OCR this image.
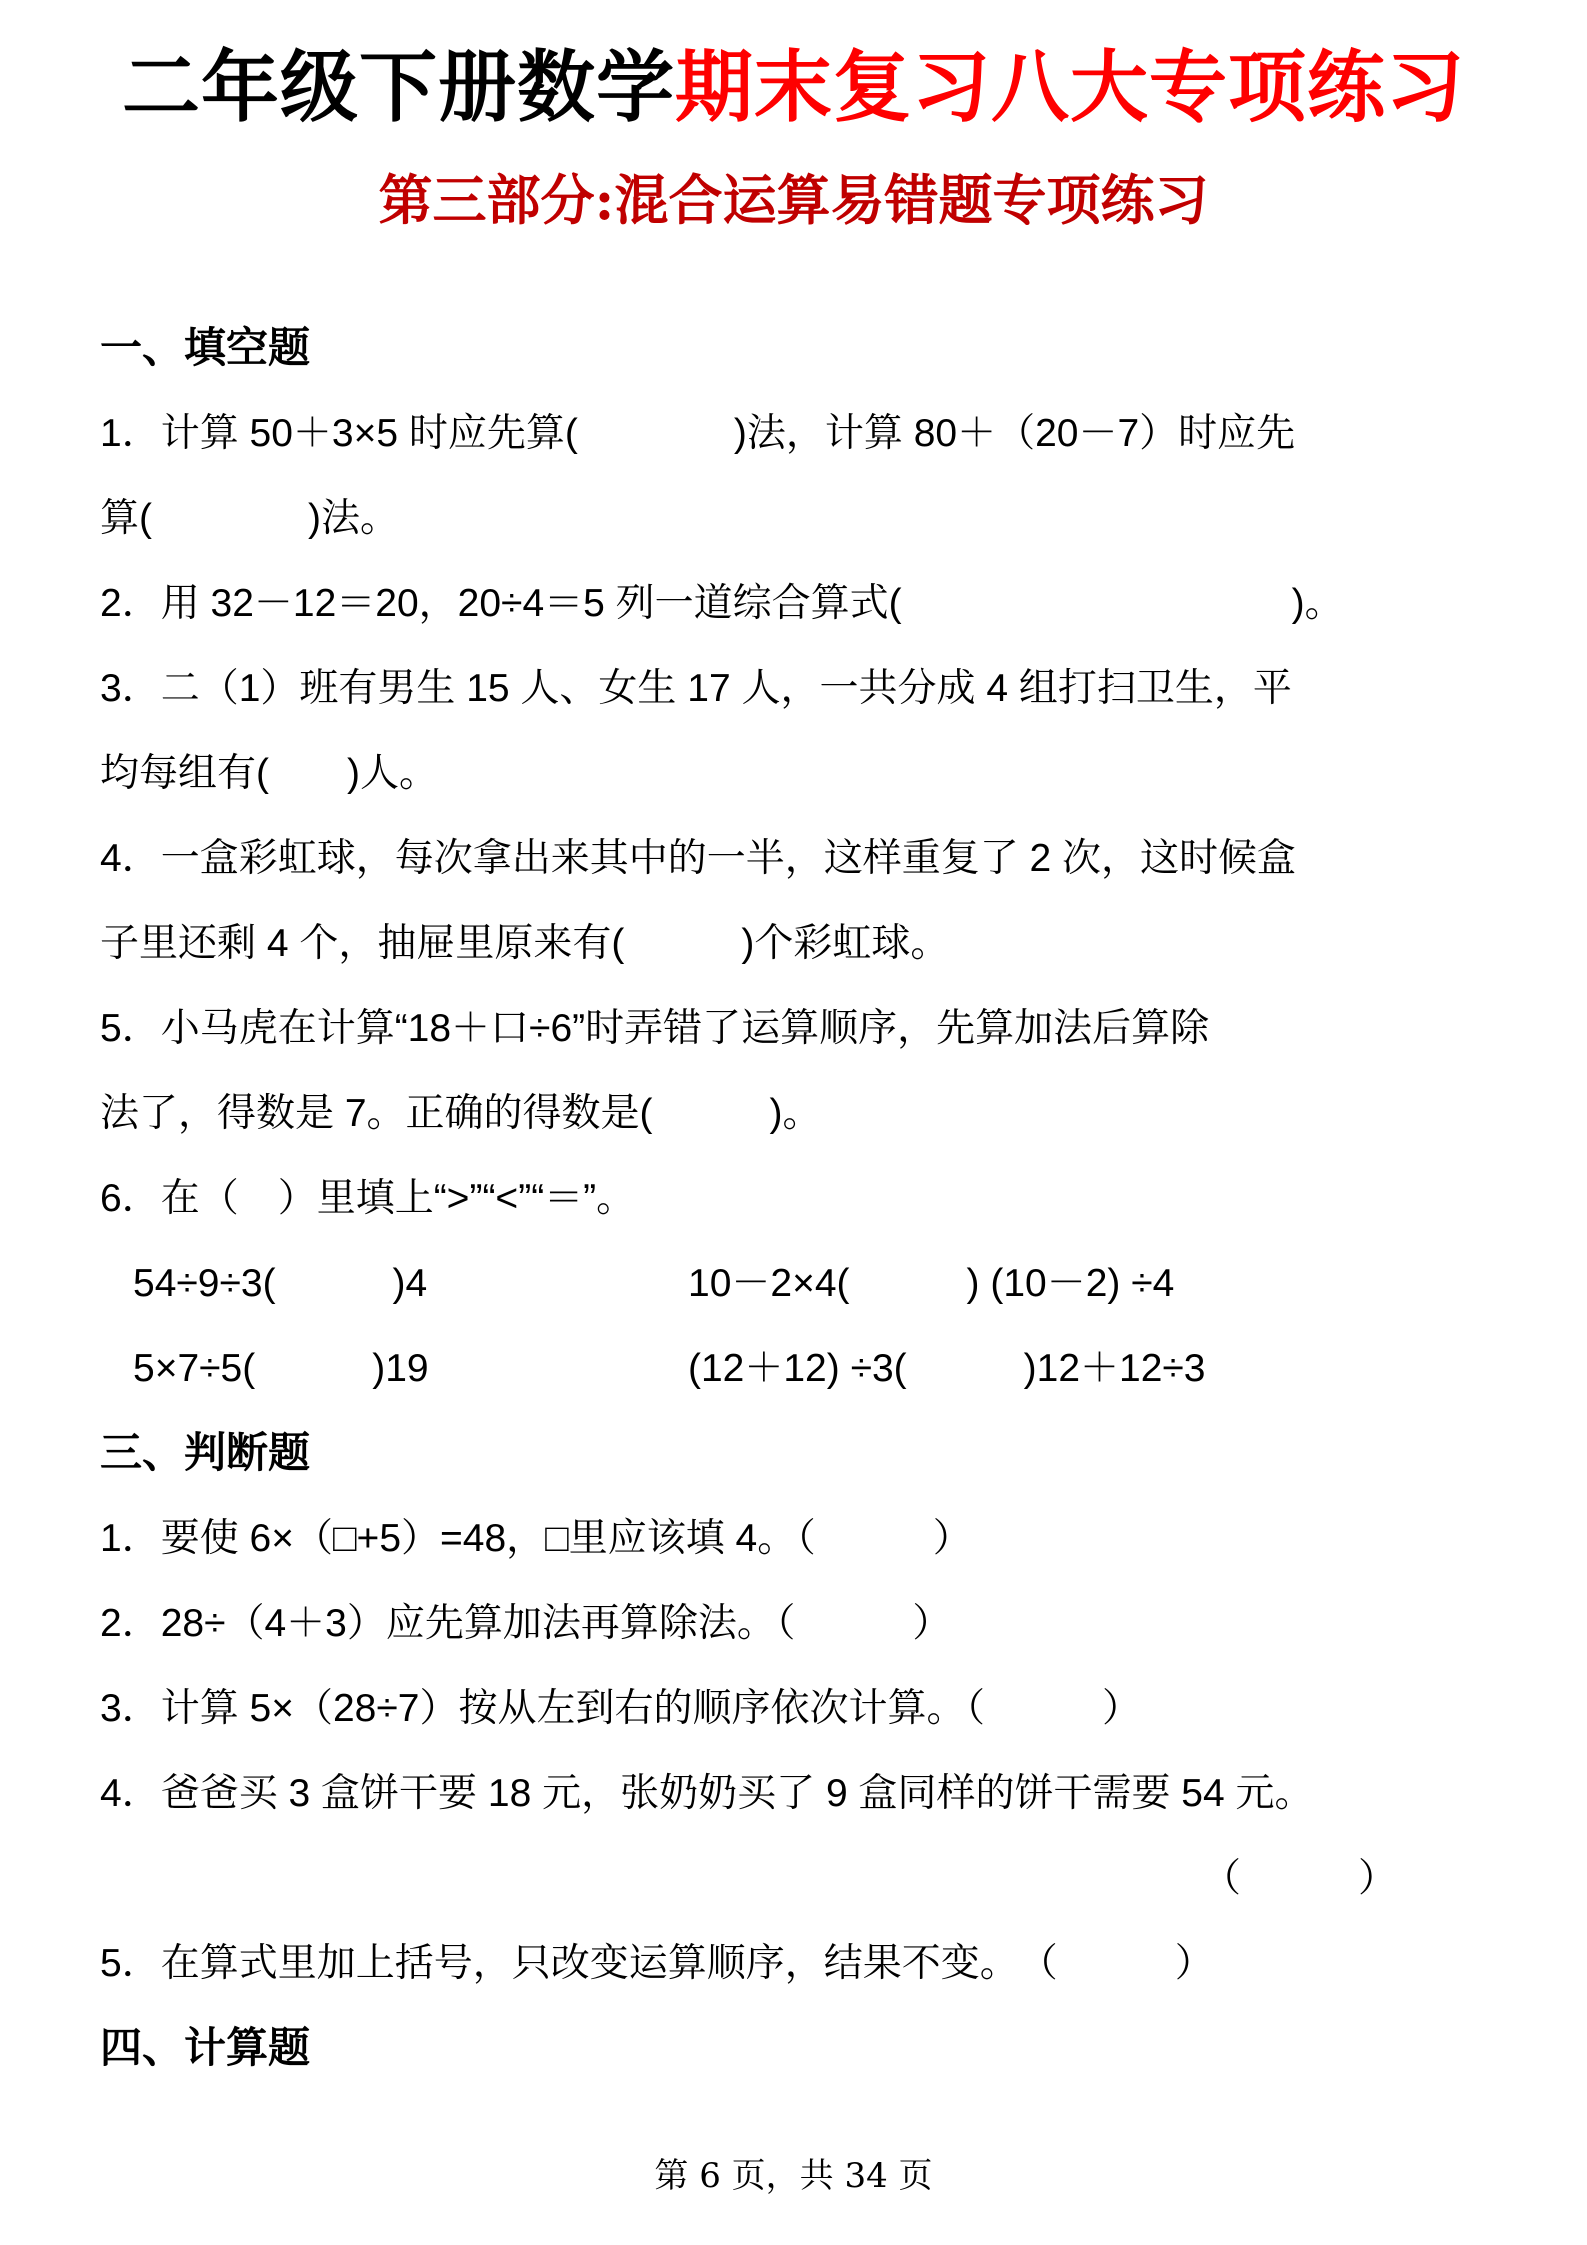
二年级下册数学期末复习八大专项练习
第三部分:混合运算易错题专项练习
一、填空题
1．计算 50＋3×5 时应先算(　　　　)法，计算 80＋（20－7）时应先
算(　　　　)法。
2．用 32－12＝20，20÷4＝5 列一道综合算式(　　　　　　　　　　)。
3．二（1）班有男生 15 人、女生 17 人，一共分成 4 组打扫卫生，平
均每组有(　　)人。
4．一盒彩虹球，每次拿出来其中的一半，这样重复了 2 次，这时候盒
子里还剩 4 个，抽屉里原来有(　　　)个彩虹球。
5．小马虎在计算“18＋口÷6”时弄错了运算顺序，先算加法后算除
法了，得数是 7。正确的得数是(　　　)。
6．在（　）里填上“>”“<”“＝”。
54÷9÷3(　　　)4	10－2×4(　　　) (10－2) ÷4
5×7÷5(　　　)19	(12＋12) ÷3(　　　)12＋12÷3
三、判断题
1．要使 6×（□+5）=48，□里应该填 4。（　　　）
2．28÷（4＋3）应先算加法再算除法。（　　　）
3．计算 5×（28÷7）按从左到右的顺序依次计算。（　　　）
4．爸爸买 3 盒饼干要 18 元，张奶奶买了 9 盒同样的饼干需要 54 元。
（　　　）
5．在算式里加上括号，只改变运算顺序，结果不变。　（　　　）
四、计算题
第 6 页，共 34 页
